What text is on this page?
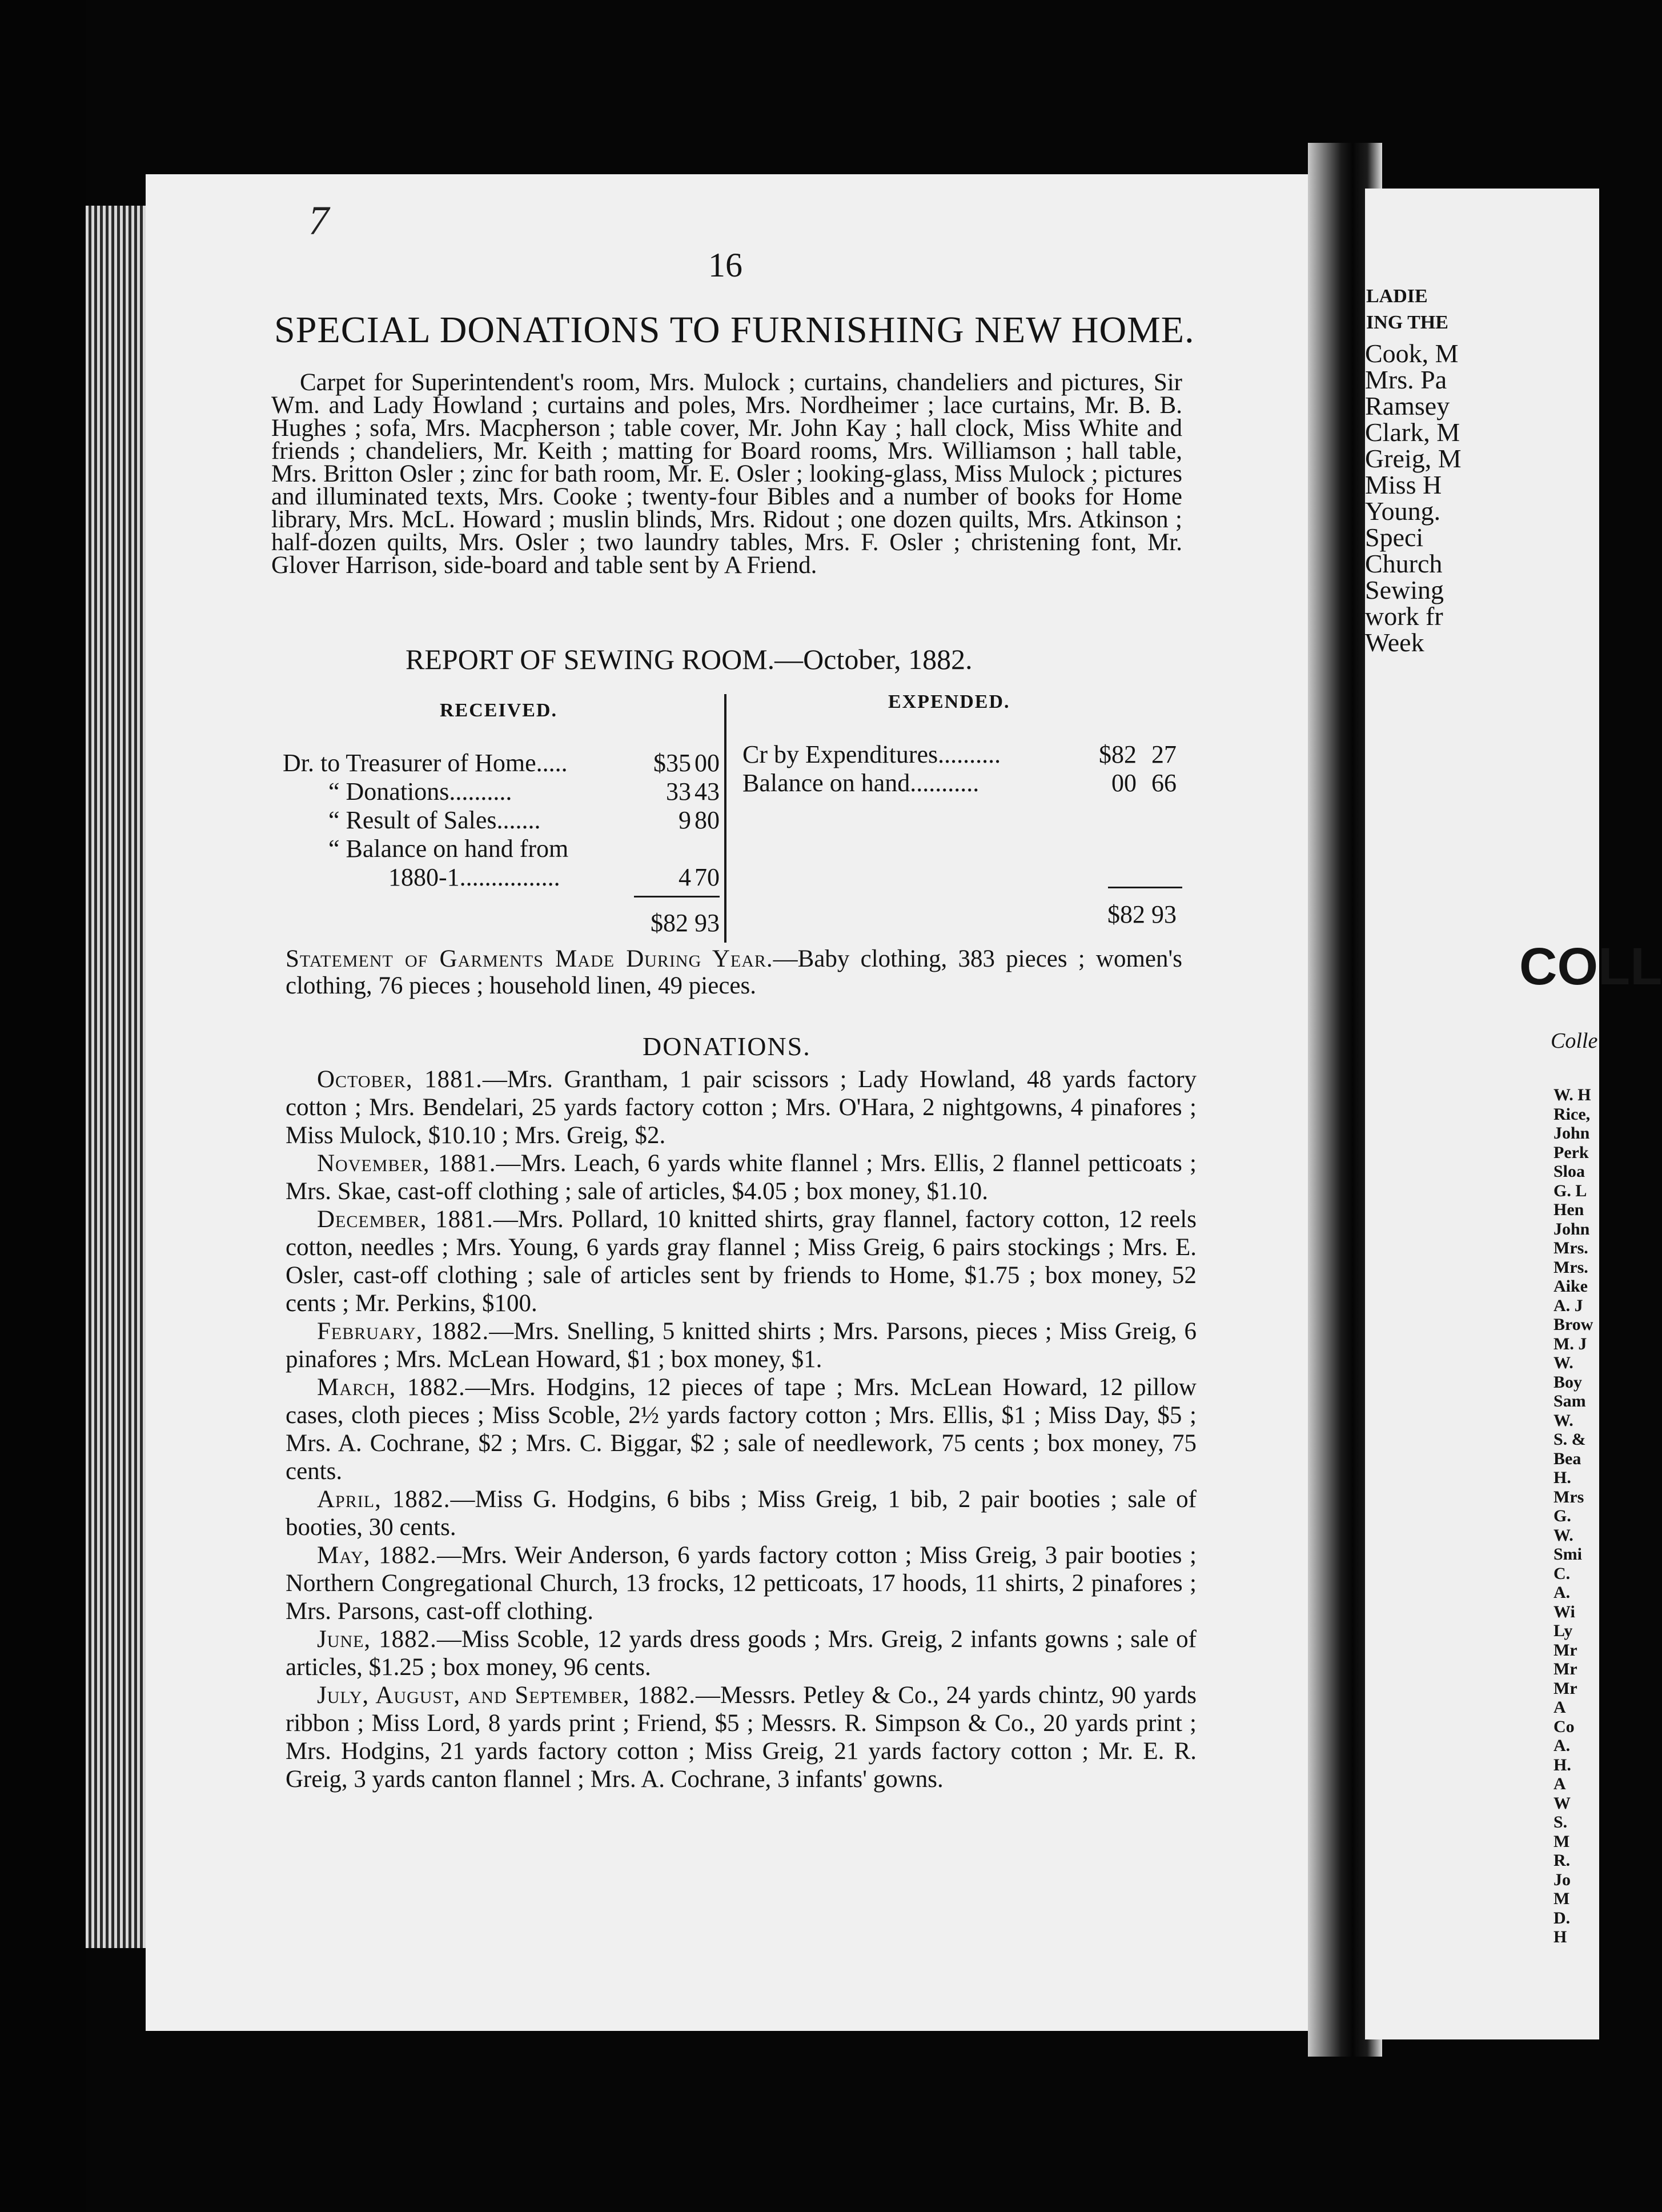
LADIE
ING THE
Cook, M
Mrs. Pa
Ramsey
Clark, M
Greig, M
Miss H
Young.
Speci
Church
Sewing
work fr
Week
COLL
Colle
W. H
Rice,
John
Perk
Sloa
G. L
Hen
John
Mrs.
Mrs.
Aike
A. J
Brow
M. J
W.
Boy
Sam
W.
S. &
Bea
H.
Mrs
G.
W.
Smi
C.
A.
Wi
Ly
Mr
Mr
Mr
A
Co
A.
H.
A
W
S.
M
R.
Jo
M
D.
H
7
16
SPECIAL DONATIONS TO FURNISHING NEW HOME.
Carpet for Superintendent's room, Mrs. Mulock ; curtains, chandeliers and pictures, Sir Wm. and Lady Howland ; curtains and poles, Mrs. Nordheimer ; lace curtains, Mr. B. B. Hughes ; sofa, Mrs. Macpherson ; table cover, Mr. John Kay ; hall clock, Miss White and friends ; chandeliers, Mr. Keith ; matting for Board rooms, Mrs. Williamson ; hall table, Mrs. Britton Osler ; zinc for bath room, Mr. E. Osler ; looking-glass, Miss Mulock ; pictures and illuminated texts, Mrs. Cooke ; twenty-four Bibles and a number of books for Home library, Mrs. McL. Howard ; muslin blinds, Mrs. Ridout ; one dozen quilts, Mrs. Atkinson ; half-dozen quilts, Mrs. Osler ; two laundry tables, Mrs. F. Osler ; christening font, Mr. Glover Harrison, side-board and table sent by A Friend.
REPORT OF SEWING ROOM.—October, 1882.
RECEIVED.	EXPENDED.
Dr. to Treasurer of Home.....	$35 00
“ Donations..........	33 43
“ Result of Sales.......	9 80
“ Balance on hand from
1880-1................	4 70
$82 93
Cr by Expenditures..........	$82 27
Balance on hand...........	00 66
$82 93
Statement of Garments Made During Year.—Baby clothing, 383 pieces ; women's clothing, 76 pieces ; household linen, 49 pieces.
DONATIONS.

October, 1881.—Mrs. Grantham, 1 pair scissors ; Lady Howland, 48 yards factory cotton ; Mrs. Bendelari, 25 yards factory cotton ; Mrs. O'Hara, 2 nightgowns, 4 pinafores ; Miss Mulock, $10.10 ; Mrs. Greig, $2.

November, 1881.—Mrs. Leach, 6 yards white flannel ; Mrs. Ellis, 2 flannel petticoats ; Mrs. Skae, cast-off clothing ; sale of articles, $4.05 ; box money, $1.10.

December, 1881.—Mrs. Pollard, 10 knitted shirts, gray flannel, factory cotton, 12 reels cotton, needles ; Mrs. Young, 6 yards gray flannel ; Miss Greig, 6 pairs stockings ; Mrs. E. Osler, cast-off clothing ; sale of articles sent by friends to Home, $1.75 ; box money, 52 cents ; Mr. Perkins, $100.

February, 1882.—Mrs. Snelling, 5 knitted shirts ; Mrs. Parsons, pieces ; Miss Greig, 6 pinafores ; Mrs. McLean Howard, $1 ; box money, $1.

March, 1882.—Mrs. Hodgins, 12 pieces of tape ; Mrs. McLean Howard, 12 pillow cases, cloth pieces ; Miss Scoble, 2½ yards factory cotton ; Mrs. Ellis, $1 ; Miss Day, $5 ; Mrs. A. Cochrane, $2 ; Mrs. C. Biggar, $2 ; sale of needlework, 75 cents ; box money, 75 cents.

April, 1882.—Miss G. Hodgins, 6 bibs ; Miss Greig, 1 bib, 2 pair booties ; sale of booties, 30 cents.

May, 1882.—Mrs. Weir Anderson, 6 yards factory cotton ; Miss Greig, 3 pair booties ; Northern Congregational Church, 13 frocks, 12 petticoats, 17 hoods, 11 shirts, 2 pinafores ; Mrs. Parsons, cast-off clothing.

June, 1882.—Miss Scoble, 12 yards dress goods ; Mrs. Greig, 2 infants gowns ; sale of articles, $1.25 ; box money, 96 cents.

July, August, and September, 1882.—Messrs. Petley & Co., 24 yards chintz, 90 yards ribbon ; Miss Lord, 8 yards print ; Friend, $5 ; Messrs. R. Simpson & Co., 20 yards print ; Mrs. Hodgins, 21 yards factory cotton ; Miss Greig, 21 yards factory cotton ; Mr. E. R. Greig, 3 yards canton flannel ; Mrs. A. Cochrane, 3 infants' gowns.
